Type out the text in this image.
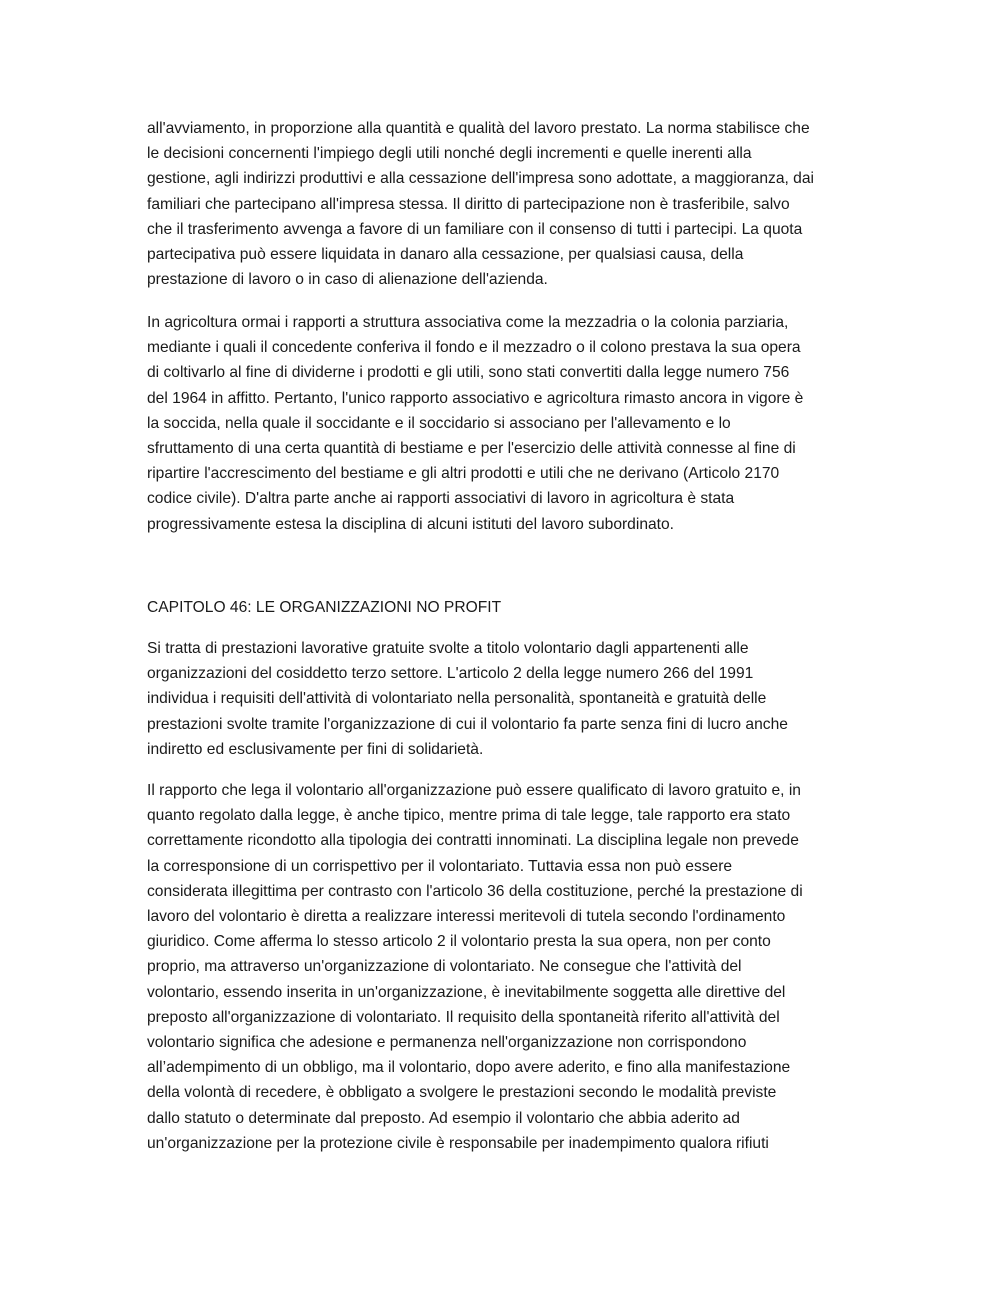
all'avviamento, in proporzione alla quantità e qualità del lavoro prestato. La norma stabilisce che
le decisioni concernenti l'impiego degli utili nonché degli incrementi e quelle inerenti alla
gestione, agli indirizzi produttivi e alla cessazione dell'impresa sono adottate, a maggioranza, dai
familiari che partecipano all'impresa stessa. Il diritto di partecipazione non è trasferibile, salvo
che il trasferimento avvenga a favore di un familiare con il consenso di tutti i partecipi. La quota
partecipativa può essere liquidata in danaro alla cessazione, per qualsiasi causa, della
prestazione di lavoro o in caso di alienazione dell'azienda.
In agricoltura ormai i rapporti a struttura associativa come la mezzadria o la colonia parziaria,
mediante i quali il concedente conferiva il fondo e il mezzadro o il colono prestava la sua opera
di coltivarlo al fine di dividerne i prodotti e gli utili, sono stati convertiti dalla legge numero 756
del 1964 in affitto. Pertanto, l'unico rapporto associativo e agricoltura rimasto ancora in vigore è
la soccida, nella quale il soccidante e il soccidario si associano per l'allevamento e lo
sfruttamento di una certa quantità di bestiame e per l'esercizio delle attività connesse al fine di
ripartire l'accrescimento del bestiame e gli altri prodotti e utili che ne derivano (Articolo 2170
codice civile). D'altra parte anche ai rapporti associativi di lavoro in agricoltura è stata
progressivamente estesa la disciplina di alcuni istituti del lavoro subordinato.
CAPITOLO 46: LE ORGANIZZAZIONI NO PROFIT
Si tratta di prestazioni lavorative gratuite svolte a titolo volontario dagli appartenenti alle
organizzazioni del cosiddetto terzo settore. L'articolo 2 della legge numero 266 del 1991
individua i requisiti dell'attività di volontariato nella personalità, spontaneità e gratuità delle
prestazioni svolte tramite l'organizzazione di cui il volontario fa parte senza fini di lucro anche
indiretto ed esclusivamente per fini di solidarietà.
Il rapporto che lega il volontario all'organizzazione può essere qualificato di lavoro gratuito e, in
quanto regolato dalla legge, è anche tipico, mentre prima di tale legge, tale rapporto era stato
correttamente ricondotto alla tipologia dei contratti innominati. La disciplina legale non prevede
la corresponsione di un corrispettivo per il volontariato. Tuttavia essa non può essere
considerata illegittima per contrasto con l'articolo 36 della costituzione, perché la prestazione di
lavoro del volontario è diretta a realizzare interessi meritevoli di tutela secondo l'ordinamento
giuridico. Come afferma lo stesso articolo 2 il volontario presta la sua opera, non per conto
proprio, ma attraverso un'organizzazione di volontariato. Ne consegue che l'attività del
volontario, essendo inserita in un'organizzazione, è inevitabilmente soggetta alle direttive del
preposto all'organizzazione di volontariato. Il requisito della spontaneità riferito all'attività del
volontario significa che adesione e permanenza nell'organizzazione non corrispondono
all’adempimento di un obbligo, ma il volontario, dopo avere aderito, e fino alla manifestazione
della volontà di recedere, è obbligato a svolgere le prestazioni secondo le modalità previste
dallo statuto o determinate dal preposto. Ad esempio il volontario che abbia aderito ad
un'organizzazione per la protezione civile è responsabile per inadempimento qualora rifiuti
